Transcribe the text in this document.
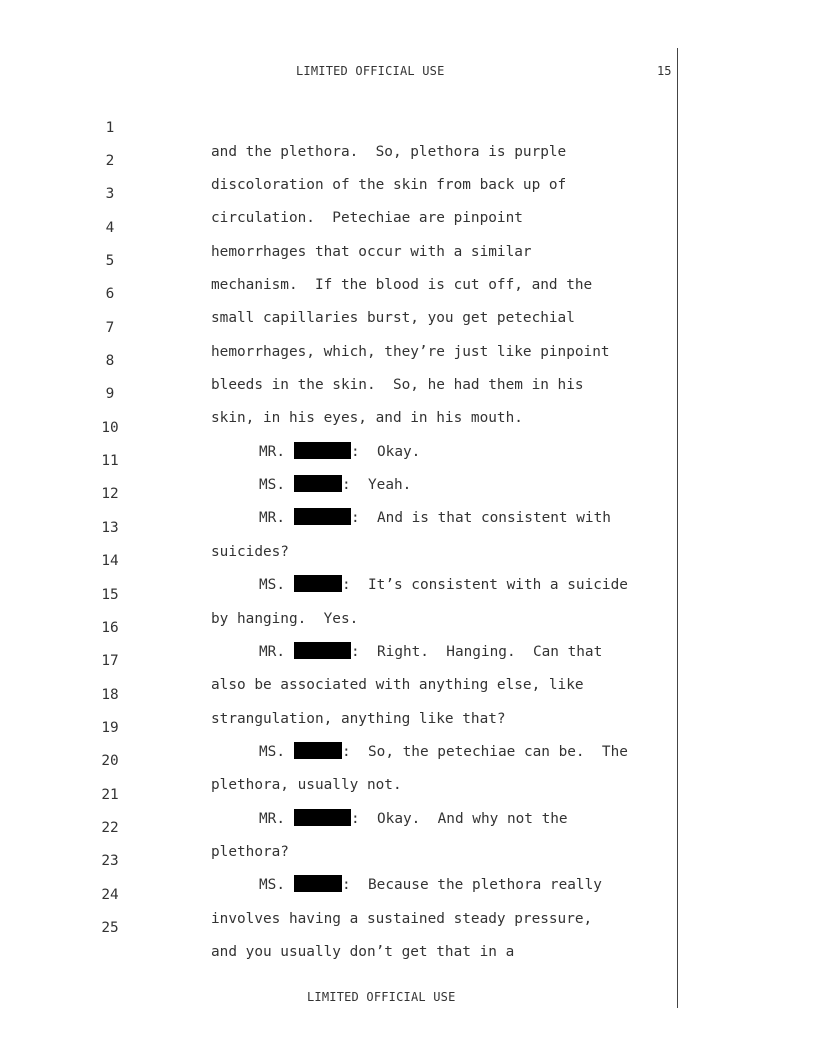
LIMITED OFFICIAL USE	15

1

and the plethora.  So, plethora is purple

2

discoloration of the skin from back up of

3

circulation.  Petechiae are pinpoint

4

hemorrhages that occur with a similar

5

mechanism.  If the blood is cut off, and the

6

small capillaries burst, you get petechial

7

hemorrhages, which, they’re just like pinpoint

8

bleeds in the skin.  So, he had them in his

9

skin, in his eyes, and in his mouth.

10

MR.	:  Okay.

11

MS.	:  Yeah.

12

MR.	:  And is that consistent with

13

suicides?

14

MS.	:  It’s consistent with a suicide

15

by hanging.  Yes.

16

MR.	:  Right.  Hanging.  Can that

17

also be associated with anything else, like

18

strangulation, anything like that?

19

MS.	:  So, the petechiae can be.  The

20

plethora, usually not.

21

MR.	:  Okay.  And why not the

22

plethora?

23

MS.	:  Because the plethora really

24

involves having a sustained steady pressure,

25

and you usually don’t get that in a

LIMITED OFFICIAL USE
